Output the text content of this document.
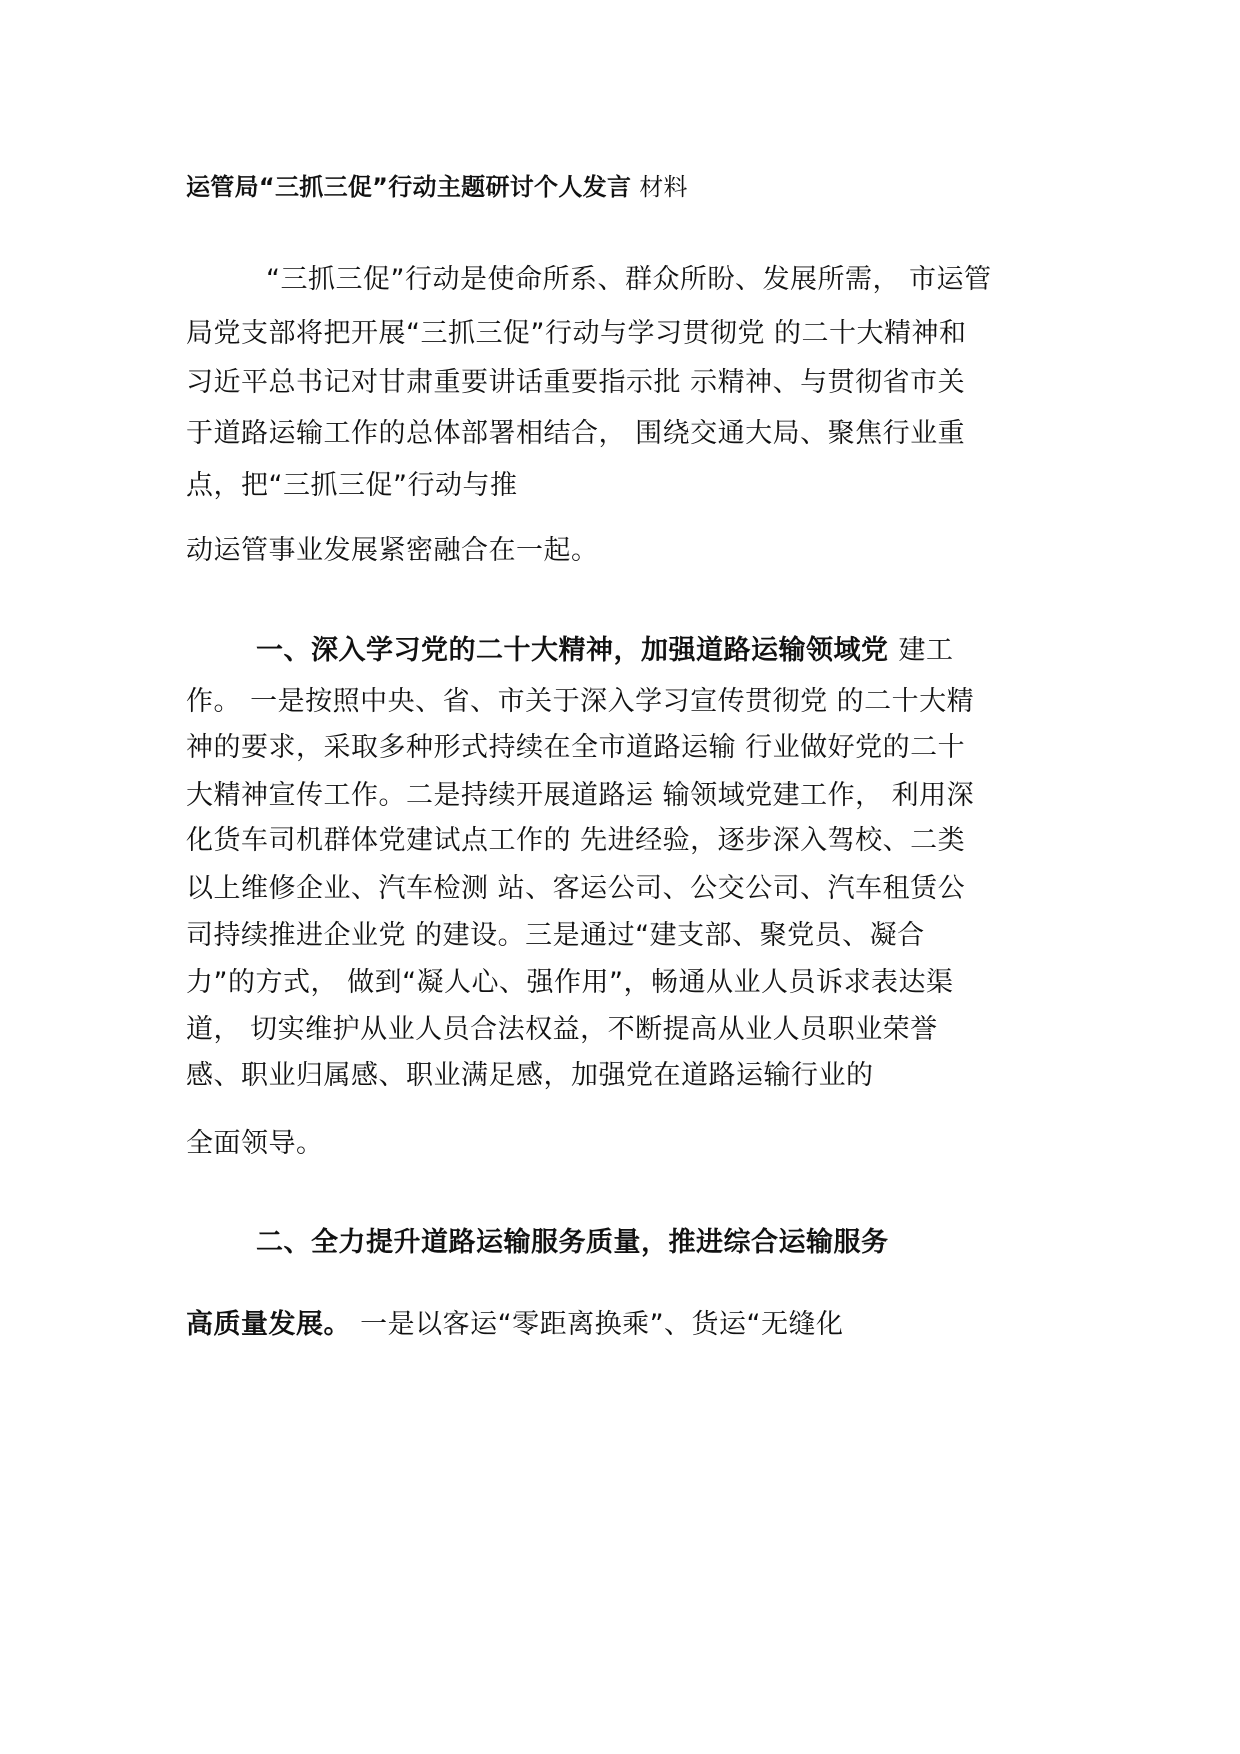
运管局“三抓三促”行动主题研讨个人发言 材料
“三抓三促”行动是使命所系、群众所盼、发展所需， 市运管
局党支部将把开展“三抓三促”行动与学习贯彻党 的二十大精神和
习近平总书记对甘肃重要讲话重要指示批 示精神、与贯彻省市关
于道路运输工作的总体部署相结合， 围绕交通大局、聚焦行业重
点，把“三抓三促”行动与推
动运管事业发展紧密融合在一起。
一、深入学习党的二十大精神，加强道路运输领域党 建工
作。 一是按照中央、省、市关于深入学习宣传贯彻党 的二十大精
神的要求，采取多种形式持续在全市道路运输 行业做好党的二十
大精神宣传工作。二是持续开展道路运 输领域党建工作， 利用深
化货车司机群体党建试点工作的 先进经验，逐步深入驾校、二类
以上维修企业、汽车检测 站、客运公司、公交公司、汽车租赁公
司持续推进企业党 的建设。三是通过“建支部、聚党员、凝合
力”的方式， 做到“凝人心、强作用”，畅通从业人员诉求表达渠
道， 切实维护从业人员合法权益，不断提高从业人员职业荣誉
感、职业归属感、职业满足感，加强党在道路运输行业的
全面领导。
二、全力提升道路运输服务质量，推进综合运输服务
高质量发展。 一是以客运“零距离换乘”、货运“无缝化
